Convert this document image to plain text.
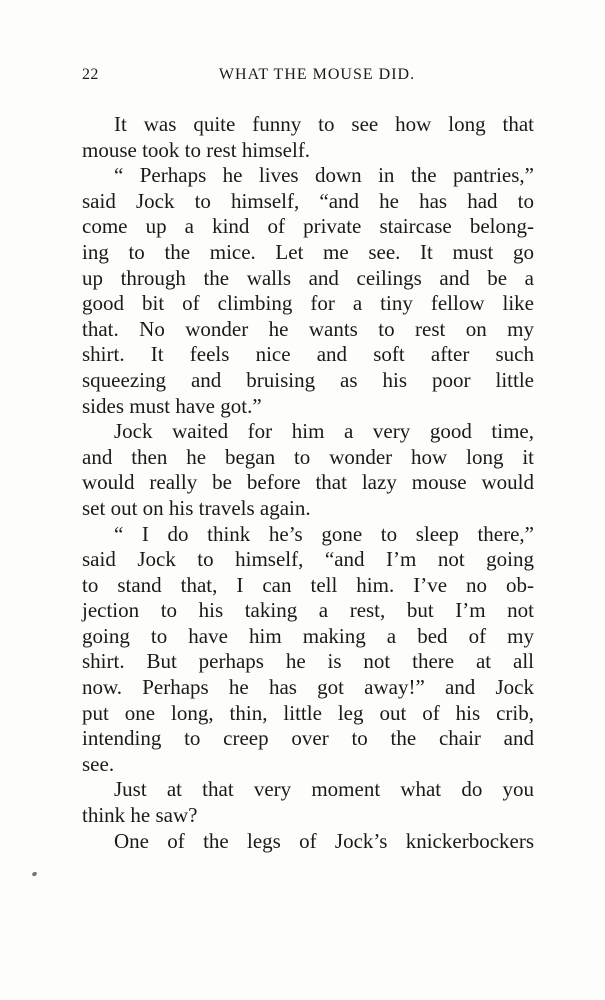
22	WHAT THE MOUSE DID.
It was quite funny to see how long that
mouse took to rest himself.
“ Perhaps he lives down in the pantries,”
said Jock to himself, “and he has had to
come up a kind of private staircase belong-
ing to the mice. Let me see. It must go
up through the walls and ceilings and be a
good bit of climbing for a tiny fellow like
that. No wonder he wants to rest on my
shirt. It feels nice and soft after such
squeezing and bruising as his poor little
sides must have got.”
Jock waited for him a very good time,
and then he began to wonder how long it
would really be before that lazy mouse would
set out on his travels again.
“ I do think he’s gone to sleep there,”
said Jock to himself, “and I’m not going
to stand that, I can tell him. I’ve no ob-
jection to his taking a rest, but I’m not
going to have him making a bed of my
shirt. But perhaps he is not there at all
now. Perhaps he has got away!” and Jock
put one long, thin, little leg out of his crib,
intending to creep over to the chair and
see.
Just at that very moment what do you
think he saw?
One of the legs of Jock’s knickerbockers
